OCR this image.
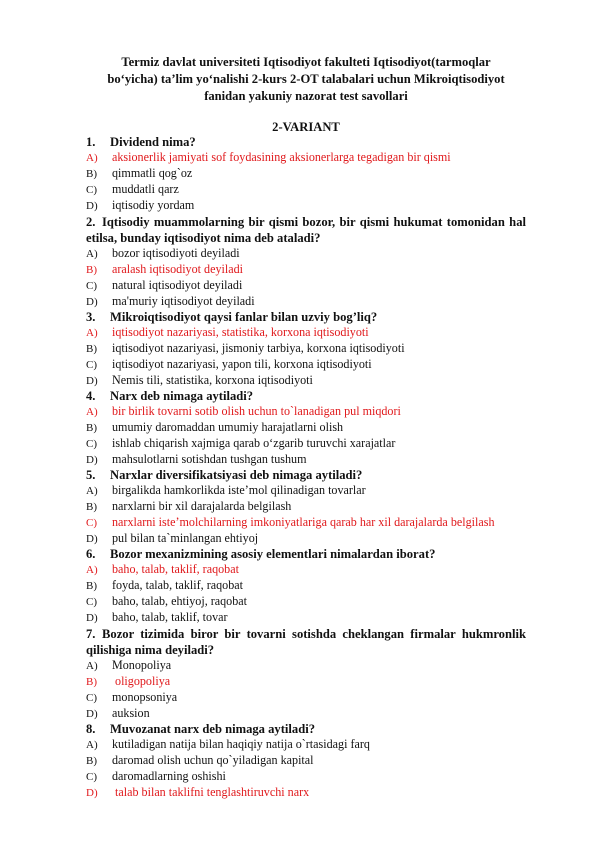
Termiz davlat universiteti Iqtisodiyot fakulteti Iqtisodiyot(tarmoqlar
bo‘yicha) ta’lim yo‘nalishi 2-kurs 2-OT talabalari uchun Mikroiqtisodiyot
fanidan yakuniy nazorat test savollari

2-VARIANT
1. Dividend nima?
A) aksionerlik jamiyati sof foydasining aksionerlarga tegadigan bir qismi
B) qimmatli qog`oz
C) muddatli qarz
D) iqtisodiy yordam
2. Iqtisodiy muammolarning bir qismi bozor, bir qismi hukumat tomonidan hal etilsa, bunday iqtisodiyot nima deb ataladi?
A) bozor iqtisodiyoti deyiladi
B) aralash iqtisodiyot deyiladi
C) natural iqtisodiyot deyiladi
D) ma'muriy iqtisodiyot deyiladi
3. Mikroiqtisodiyot qaysi fanlar bilan uzviy bog’liq?
A) iqtisodiyot nazariyasi, statistika, korxona iqtisodiyoti
B) iqtisodiyot nazariyasi, jismoniy tarbiya, korxona iqtisodiyoti
C) iqtisodiyot nazariyasi, yapon tili, korxona iqtisodiyoti
D) Nemis tili, statistika, korxona iqtisodiyoti
4. Narx deb nimaga aytiladi?
A) bir birlik tovarni sotib olish uchun to`lanadigan pul miqdori
B) umumiy daromaddan umumiy harajatlarni olish
C) ishlab chiqarish xajmiga qarab o‘zgarib turuvchi xarajatlar
D) mahsulotlarni sotishdan tushgan tushum
5. Narxlar diversifikatsiyasi deb nimaga aytiladi?
A) birgalikda hamkorlikda iste’mol qilinadigan tovarlar
B) narxlarni bir xil darajalarda belgilash
C) narxlarni iste’molchilarning imkoniyatlariga qarab har xil darajalarda belgilash
D) pul bilan ta`minlangan ehtiyoj
6. Bozor mexanizmining asosiy elementlari nimalardan iborat?
A) baho, talab, taklif, raqobat
B) foyda, talab, taklif, raqobat
C) baho, talab, ehtiyoj, raqobat
D) baho, talab, taklif, tovar
7. Bozor tizimida biror bir tovarni sotishda cheklangan firmalar hukmronlik qilishiga nima deyiladi?
A) Monopoliya
B) oligopoliya
C) monopsoniya
D) auksion
8. Muvozanat narx deb nimaga aytiladi?
A) kutiladigan natija bilan haqiqiy natija o`rtasidagi farq
B) daromad olish uchun qo`yiladigan kapital
C) daromadlarning oshishi
D) talab bilan taklifni tenglashtiruvchi narx
